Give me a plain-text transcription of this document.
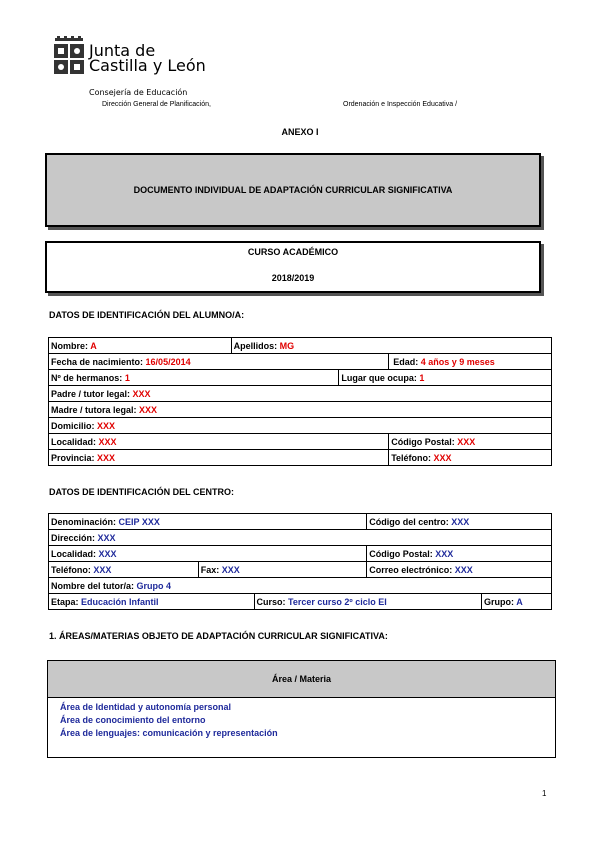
Junta de
Castilla y León
Consejería de Educación
Dirección General de Planificación,	Ordenación e Inspección Educativa /
ANEXO I
DOCUMENTO INDIVIDUAL DE ADAPTACIÓN CURRICULAR SIGNIFICATIVA
CURSO ACADÉMICO
2018/2019
DATOS DE IDENTIFICACIÓN DEL ALUMNO/A:
Nombre: A	Apellidos: MG		
Fecha de nacimiento: 16/05/2014			Edad: 4 años y 9 meses
Nº de hermanos: 1		Lugar que ocupa: 1	
Padre / tutor legal: XXX			
Madre / tutora legal: XXX			
Domicilio: XXX			
Localidad: XXX			Código Postal: XXX
Provincia: XXX			Teléfono: XXX
DATOS DE IDENTIFICACIÓN DEL CENTRO:
Denominación: CEIP XXX			Código del centro: XXX	
Dirección: XXX				
Localidad: XXX			Código Postal: XXX	
Teléfono: XXX	Fax: XXX		Correo electrónico: XXX	
Nombre del tutor/a: Grupo 4				
Etapa: Educación Infantil		Curso: Tercer curso 2º ciclo EI		Grupo: A
1. ÁREAS/MATERIAS OBJETO DE ADAPTACIÓN CURRICULAR SIGNIFICATIVA:
Área / Materia
Área de Identidad y autonomía personal
Área de conocimiento del entorno
Área de lenguajes: comunicación y representación
1
